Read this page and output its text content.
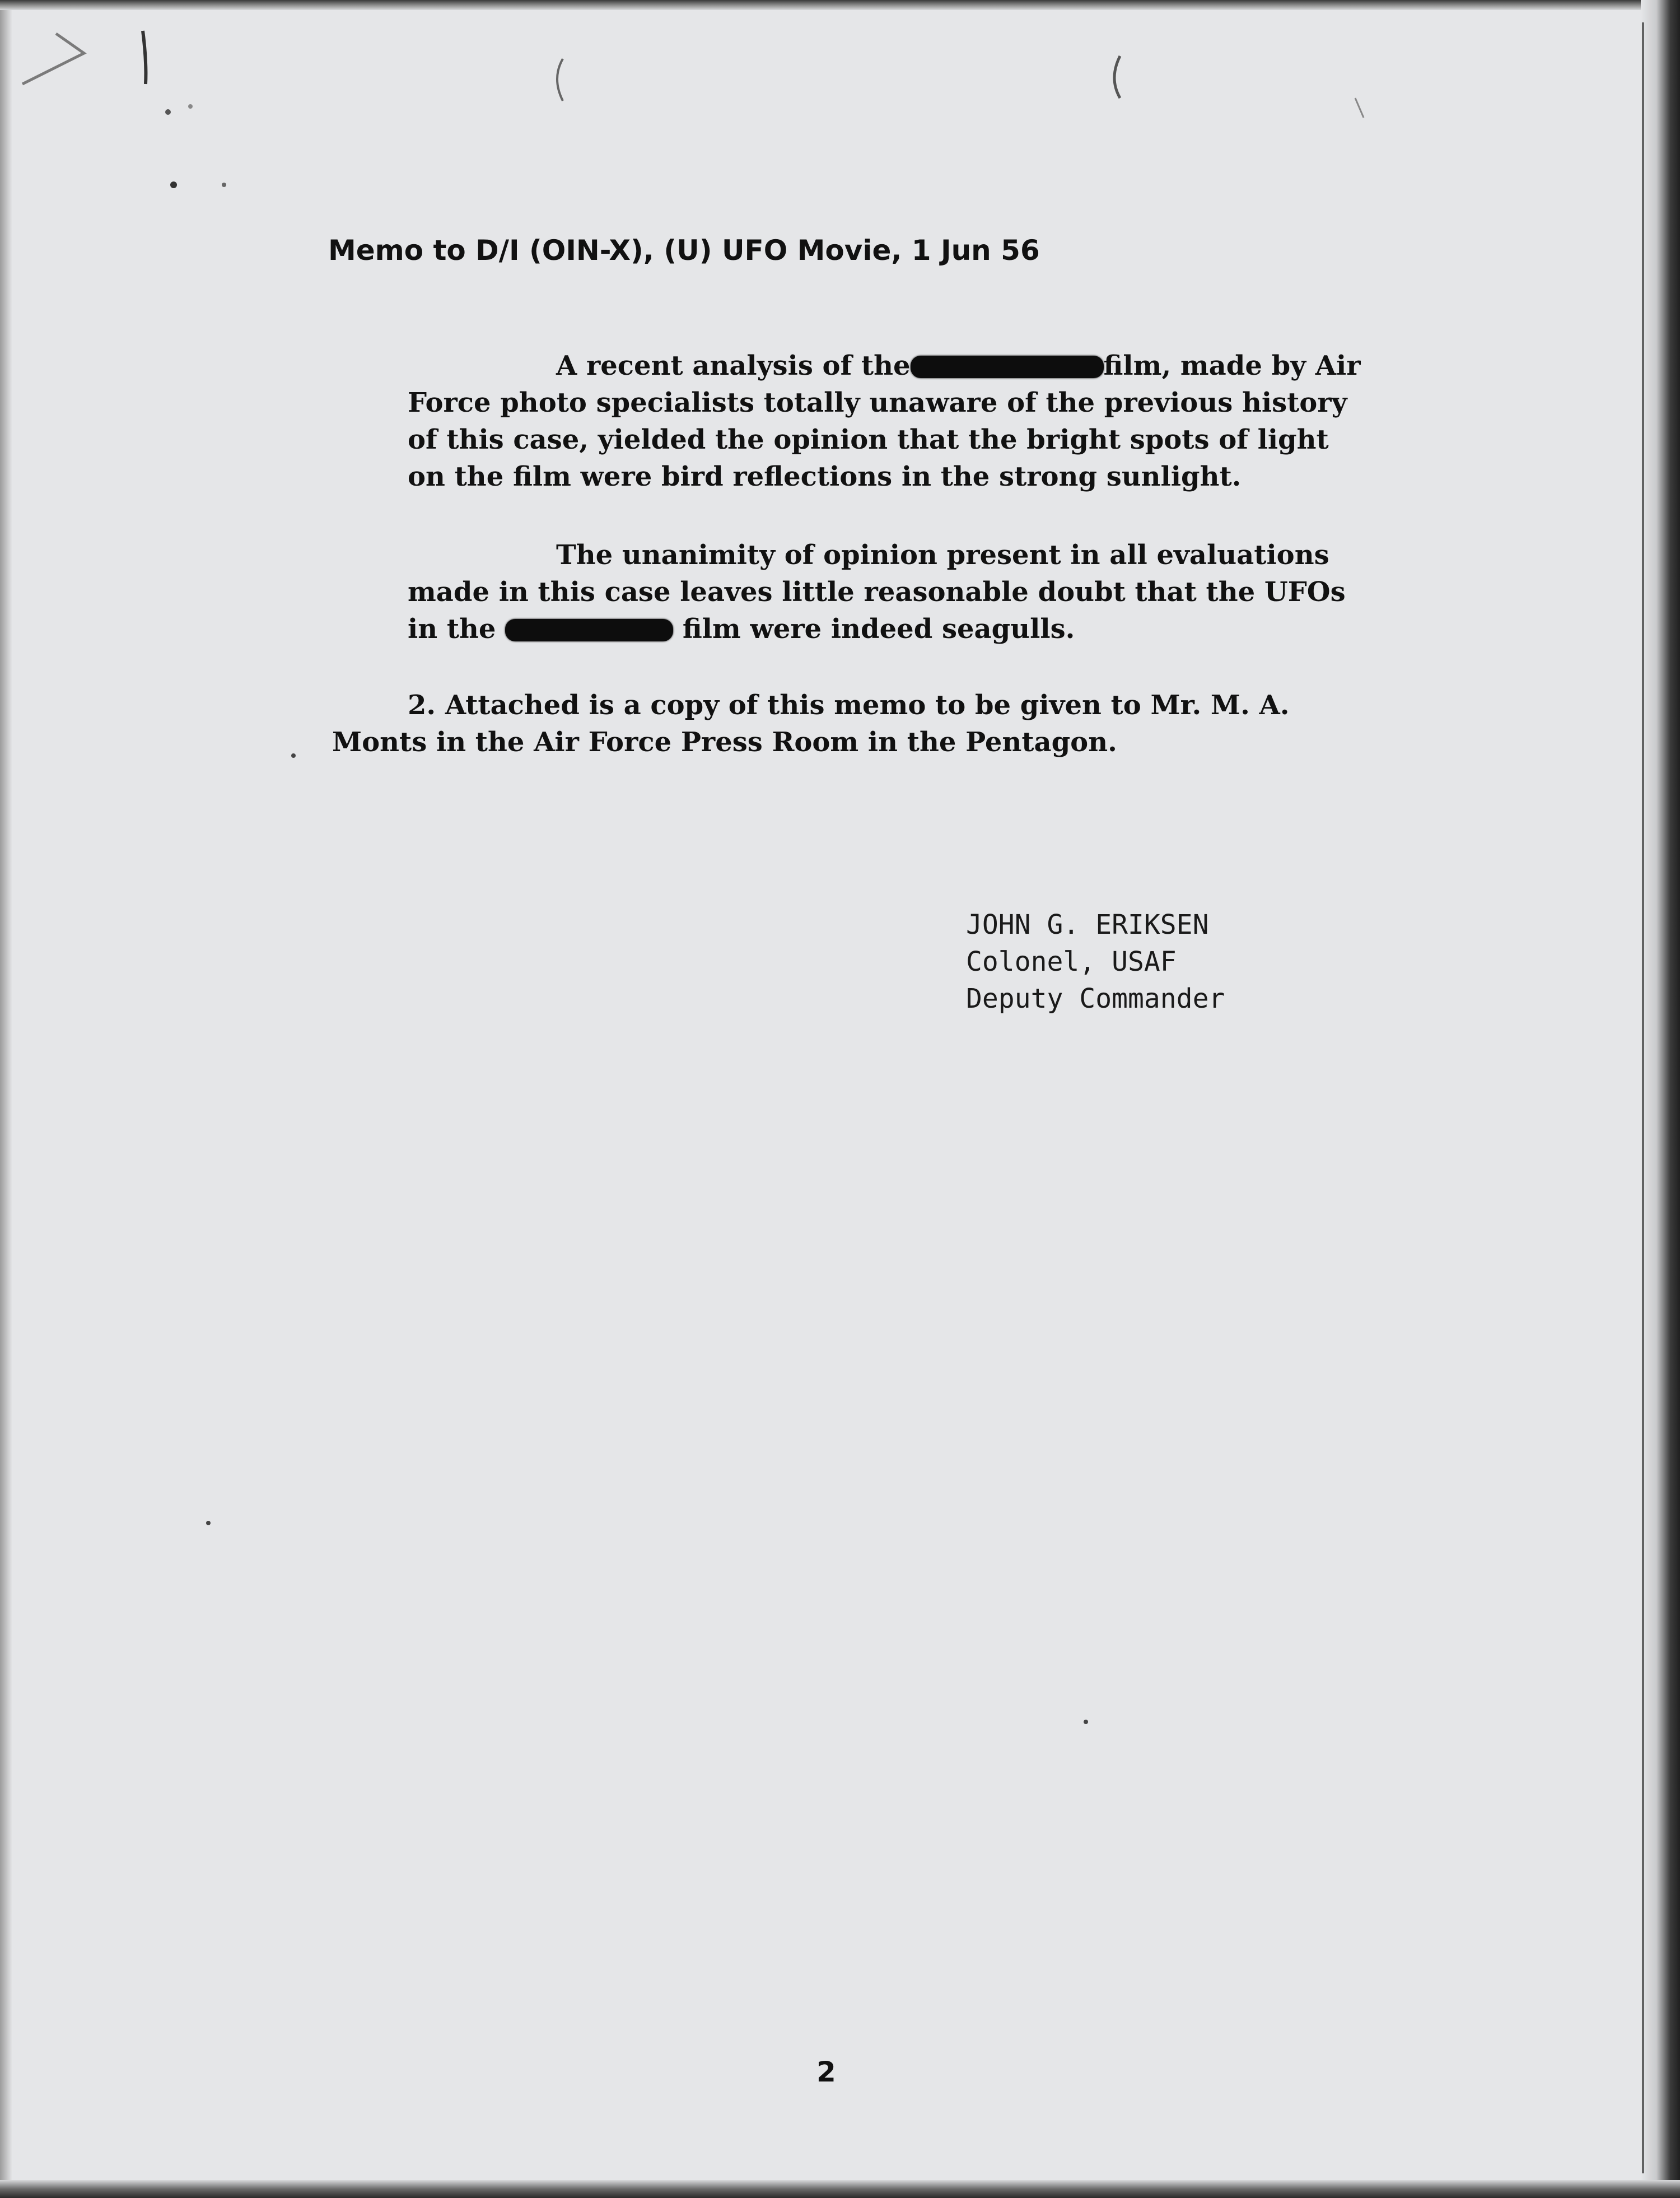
Memo to D/I (OIN-X), (U) UFO Movie, 1 Jun 56
A recent analysis of the	film, made by Air
Force photo specialists totally unaware of the previous history
of this case, yielded the opinion that the bright spots of light
on the film were bird reflections in the strong sunlight.
The unanimity of opinion present in all evaluations
made in this case leaves little reasonable doubt that the UFOs
in the	film were indeed seagulls.
2. Attached is a copy of this memo to be given to Mr. M. A.
Monts in the Air Force Press Room in the Pentagon.
JOHN G. ERIKSEN
Colonel, USAF
Deputy Commander
2
